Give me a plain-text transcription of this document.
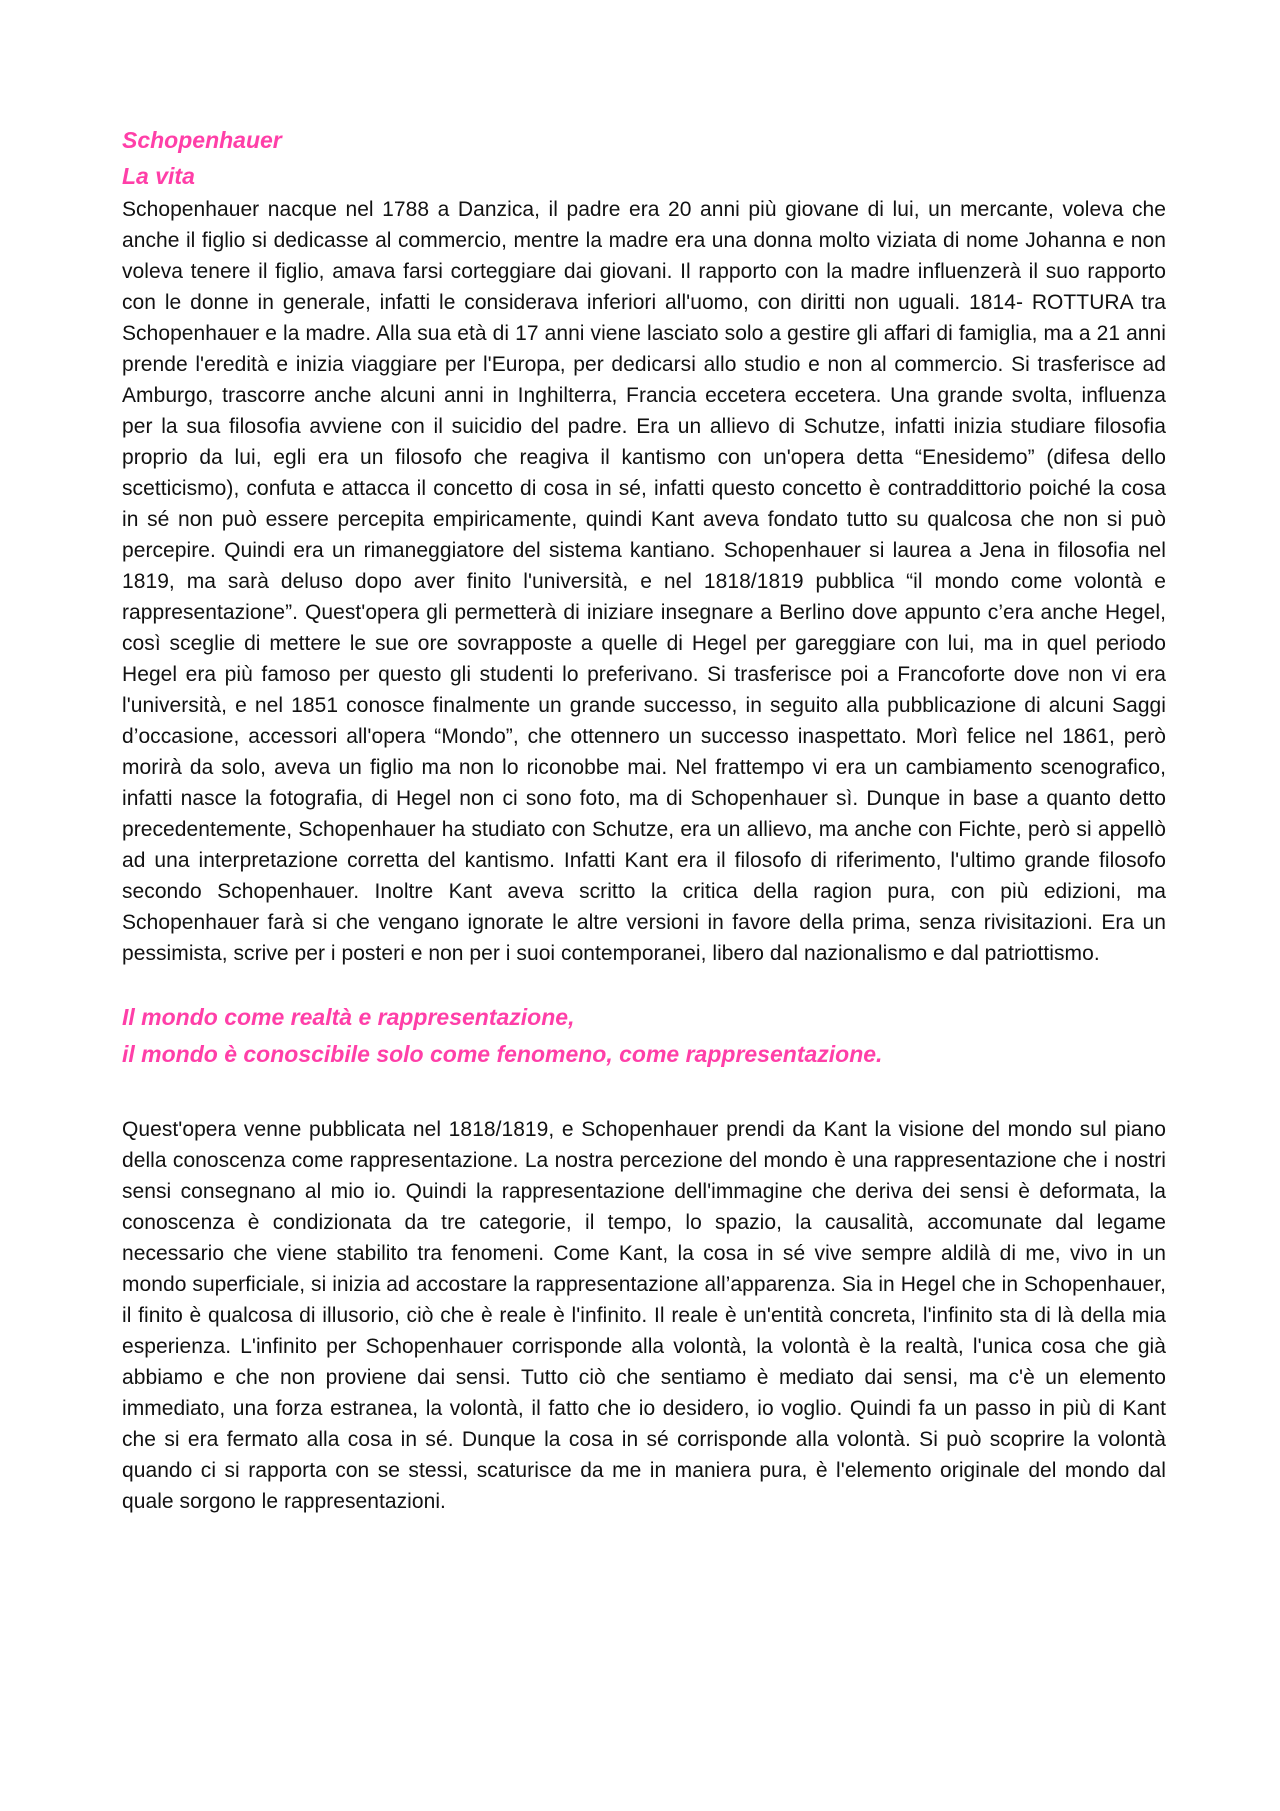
Schopenhauer
La vita

Schopenhauer nacque nel 1788 a Danzica, il padre era 20 anni più giovane di lui, un mercante, voleva che anche il figlio si dedicasse al commercio, mentre la madre era una donna molto viziata di nome Johanna e non voleva tenere il figlio, amava farsi corteggiare dai giovani. Il rapporto con la madre influenzerà il suo rapporto con le donne in generale, infatti le considerava inferiori all'uomo, con diritti non uguali. 1814- ROTTURA tra Schopenhauer e la madre. Alla sua età di 17 anni viene lasciato solo a gestire gli affari di famiglia, ma a 21 anni prende l'eredità e inizia viaggiare per l'Europa, per dedicarsi allo studio e non al commercio. Si trasferisce ad Amburgo, trascorre anche alcuni anni in Inghilterra, Francia eccetera eccetera. Una grande svolta, influenza per la sua filosofia avviene con il suicidio del padre. Era un allievo di Schutze, infatti inizia studiare filosofia proprio da lui, egli era un filosofo che reagiva il kantismo con un'opera detta “Enesidemo” (difesa dello scetticismo), confuta e attacca il concetto di cosa in sé, infatti questo concetto è contraddittorio poiché la cosa in sé non può essere percepita empiricamente, quindi Kant aveva fondato tutto su qualcosa che non si può percepire. Quindi era un rimaneggiatore del sistema kantiano. Schopenhauer si laurea a Jena in filosofia nel 1819, ma sarà deluso dopo aver finito l'università, e nel 1818/1819 pubblica “il mondo come volontà e rappresentazione”. Quest'opera gli permetterà di iniziare insegnare a Berlino dove appunto c’era anche Hegel, così sceglie di mettere le sue ore sovrapposte a quelle di Hegel per gareggiare con lui, ma in quel periodo Hegel era più famoso per questo gli studenti lo preferivano. Si trasferisce poi a Francoforte dove non vi era l'università, e nel 1851 conosce finalmente un grande successo, in seguito alla pubblicazione di alcuni Saggi d’occasione, accessori all'opera “Mondo”, che ottennero un successo inaspettato. Morì felice nel 1861, però morirà da solo, aveva un figlio ma non lo riconobbe mai. Nel frattempo vi era un cambiamento scenografico, infatti nasce la fotografia, di Hegel non ci sono foto, ma di Schopenhauer sì. Dunque in base a quanto detto precedentemente, Schopenhauer ha studiato con Schutze, era un allievo, ma anche con Fichte, però si appellò ad una interpretazione corretta del kantismo. Infatti Kant era il filosofo di riferimento, l'ultimo grande filosofo secondo Schopenhauer. Inoltre Kant aveva scritto la critica della ragion pura, con più edizioni, ma Schopenhauer farà si che vengano ignorate le altre versioni in favore della prima, senza rivisitazioni. Era un pessimista, scrive per i posteri e non per i suoi contemporanei, libero dal nazionalismo e dal patriottismo.

Il mondo come realtà e rappresentazione,
il mondo è conoscibile solo come fenomeno, come rappresentazione.

Quest'opera venne pubblicata nel 1818/1819, e Schopenhauer prendi da Kant la visione del mondo sul piano della conoscenza come rappresentazione. La nostra percezione del mondo è una rappresentazione che i nostri sensi consegnano al mio io. Quindi la rappresentazione dell'immagine che deriva dei sensi è deformata, la conoscenza è condizionata da tre categorie, il tempo, lo spazio, la causalità, accomunate dal legame necessario che viene stabilito tra fenomeni. Come Kant, la cosa in sé vive sempre aldilà di me, vivo in un mondo superficiale, si inizia ad accostare la rappresentazione all’apparenza. Sia in Hegel che in Schopenhauer, il finito è qualcosa di illusorio, ciò che è reale è l'infinito. Il reale è un'entità concreta, l'infinito sta di là della mia esperienza. L'infinito per Schopenhauer corrisponde alla volontà, la volontà è la realtà, l'unica cosa che già abbiamo e che non proviene dai sensi. Tutto ciò che sentiamo è mediato dai sensi, ma c'è un elemento immediato, una forza estranea, la volontà, il fatto che io desidero, io voglio. Quindi fa un passo in più di Kant che si era fermato alla cosa in sé. Dunque la cosa in sé corrisponde alla volontà. Si può scoprire la volontà quando ci si rapporta con se stessi, scaturisce da me in maniera pura, è l'elemento originale del mondo dal quale sorgono le rappresentazioni.
